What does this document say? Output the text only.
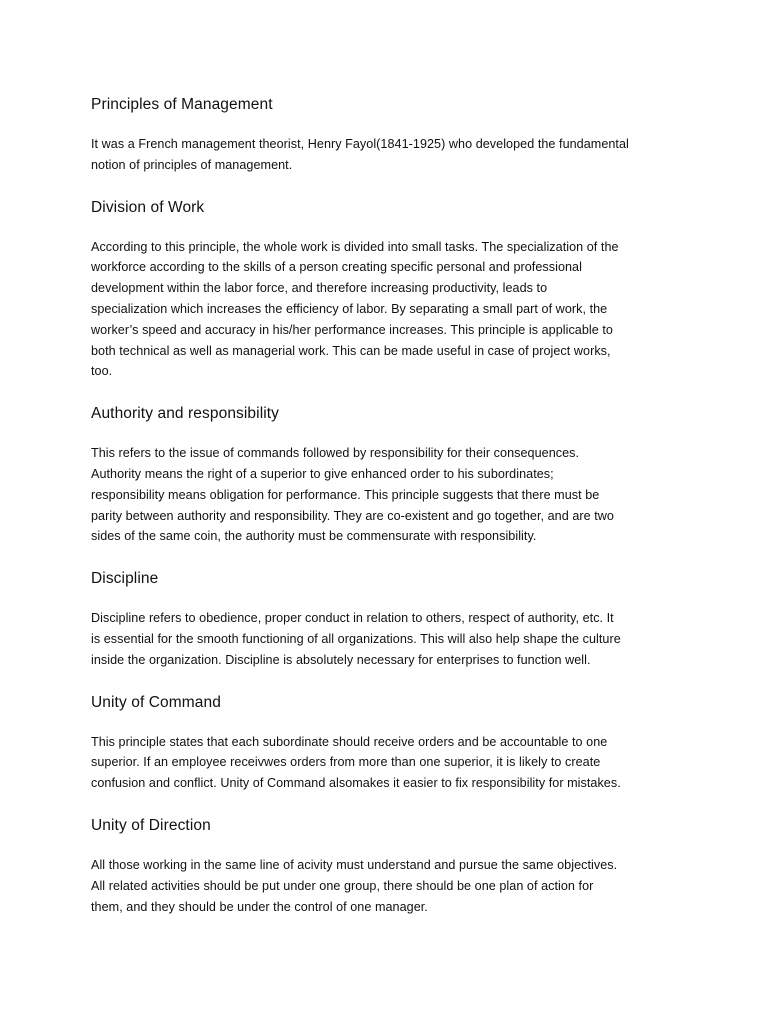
Principles of Management

It was a French management theorist, Henry Fayol(1841-1925) who developed the fundamental
notion of principles of management.

Division of Work

According to this principle, the whole work is divided into small tasks. The specialization of the
workforce according to the skills of a person creating specific personal and professional
development within the labor force, and therefore increasing productivity, leads to
specialization which increases the efficiency of labor. By separating a small part of work, the
worker’s speed and accuracy in his/her performance increases. This principle is applicable to
both technical as well as managerial work. This can be made useful in case of project works,
too.

Authority and responsibility

This refers to the issue of commands followed by responsibility for their consequences.
Authority means the right of a superior to give enhanced order to his subordinates;
responsibility means obligation for performance. This principle suggests that there must be
parity between authority and responsibility. They are co-existent and go together, and are two
sides of the same coin, the authority must be commensurate with responsibility.

Discipline

Discipline refers to obedience, proper conduct in relation to others, respect of authority, etc. It
is essential for the smooth functioning of all organizations. This will also help shape the culture
inside the organization. Discipline is absolutely necessary for enterprises to function well.

Unity of Command

This principle states that each subordinate should receive orders and be accountable to one
superior. If an employee receivwes orders from more than one superior, it is likely to create
confusion and conflict. Unity of Command alsomakes it easier to fix responsibility for mistakes.

Unity of Direction

All those working in the same line of acivity must understand and pursue the same objectives.
All related activities should be put under one group, there should be one plan of action for
them, and they should be under the control of one manager.
